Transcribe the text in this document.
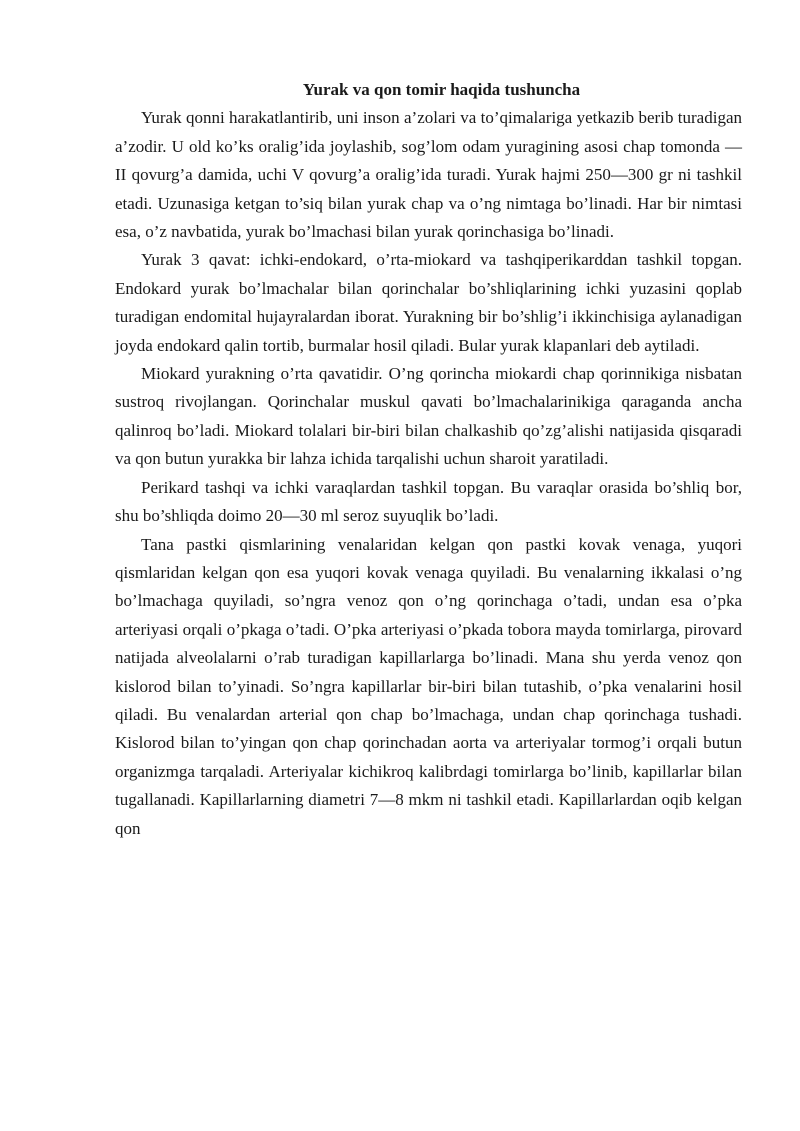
Yurak va qon tomir haqida tushuncha

Yurak qonni harakatlantirib, uni inson a’zolari va to’qimalariga yetkazib berib turadigan a’zodir. U old ko’ks oralig’ida joylashib, sog’lom odam yuragining asosi chap tomonda — II qovurg’a damida, uchi V qovurg’a oralig’ida turadi. Yurak hajmi 250—300 gr ni tashkil etadi. Uzunasiga ketgan to’siq bilan yurak chap va o’ng nimtaga bo’linadi. Har bir nimtasi esa, o’z navbatida, yurak bo’lmachasi bilan yurak qorinchasiga bo’linadi.

Yurak 3 qavat: ichki-endokard, o’rta-miokard va tashqiperikarddan tashkil topgan. Endokard yurak bo’lmachalar bilan qorinchalar bo’shliqlarining ichki yuzasini qoplab turadigan endomital hujayralardan iborat. Yurakning bir bo’shlig’i ikkinchisiga aylanadigan joyda endokard qalin tortib, burmalar hosil qiladi. Bular yurak klapanlari deb aytiladi.

Miokard yurakning o’rta qavatidir. O’ng qorincha miokardi chap qorinnikiga nisbatan sustroq rivojlangan. Qorinchalar muskul qavati bo’lmachalarinikiga qaraganda ancha qalinroq bo’ladi. Miokard tolalari bir-biri bilan chalkashib qo’zg’alishi natijasida qisqaradi va qon butun yurakka bir lahza ichida tarqalishi uchun sharoit yaratiladi.

Perikard tashqi va ichki varaqlardan tashkil topgan. Bu varaqlar orasida bo’shliq bor, shu bo’shliqda doimo 20—30 ml seroz suyuqlik bo’ladi.

Tana pastki qismlarining venalaridan kelgan qon pastki kovak venaga, yuqori qismlaridan kelgan qon esa yuqori kovak venaga quyiladi. Bu venalarning ikkalasi o’ng bo’lmachaga quyiladi, so’ngra venoz qon o’ng qorinchaga o’tadi, undan esa o’pka arteriyasi orqali o’pkaga o’tadi. O’pka arteriyasi o’pkada tobora mayda tomirlarga, pirovard natijada alveolalarni o’rab turadigan kapillarlarga bo’linadi. Mana shu yerda venoz qon kislorod bilan to’yinadi. So’ngra kapillarlar bir-biri bilan tutashib, o’pka venalarini hosil qiladi. Bu venalardan arterial qon chap bo’lmachaga, undan chap qorinchaga tushadi. Kislorod bilan to’yingan qon chap qorinchadan aorta va arteriyalar tormog’i orqali butun organizmga tarqaladi. Arteriyalar kichikroq kalibrdagi tomirlarga bo’linib, kapillarlar bilan tugallanadi. Kapillarlarning diametri 7—8 mkm ni tashkil etadi. Kapillarlardan oqib kelgan qon
